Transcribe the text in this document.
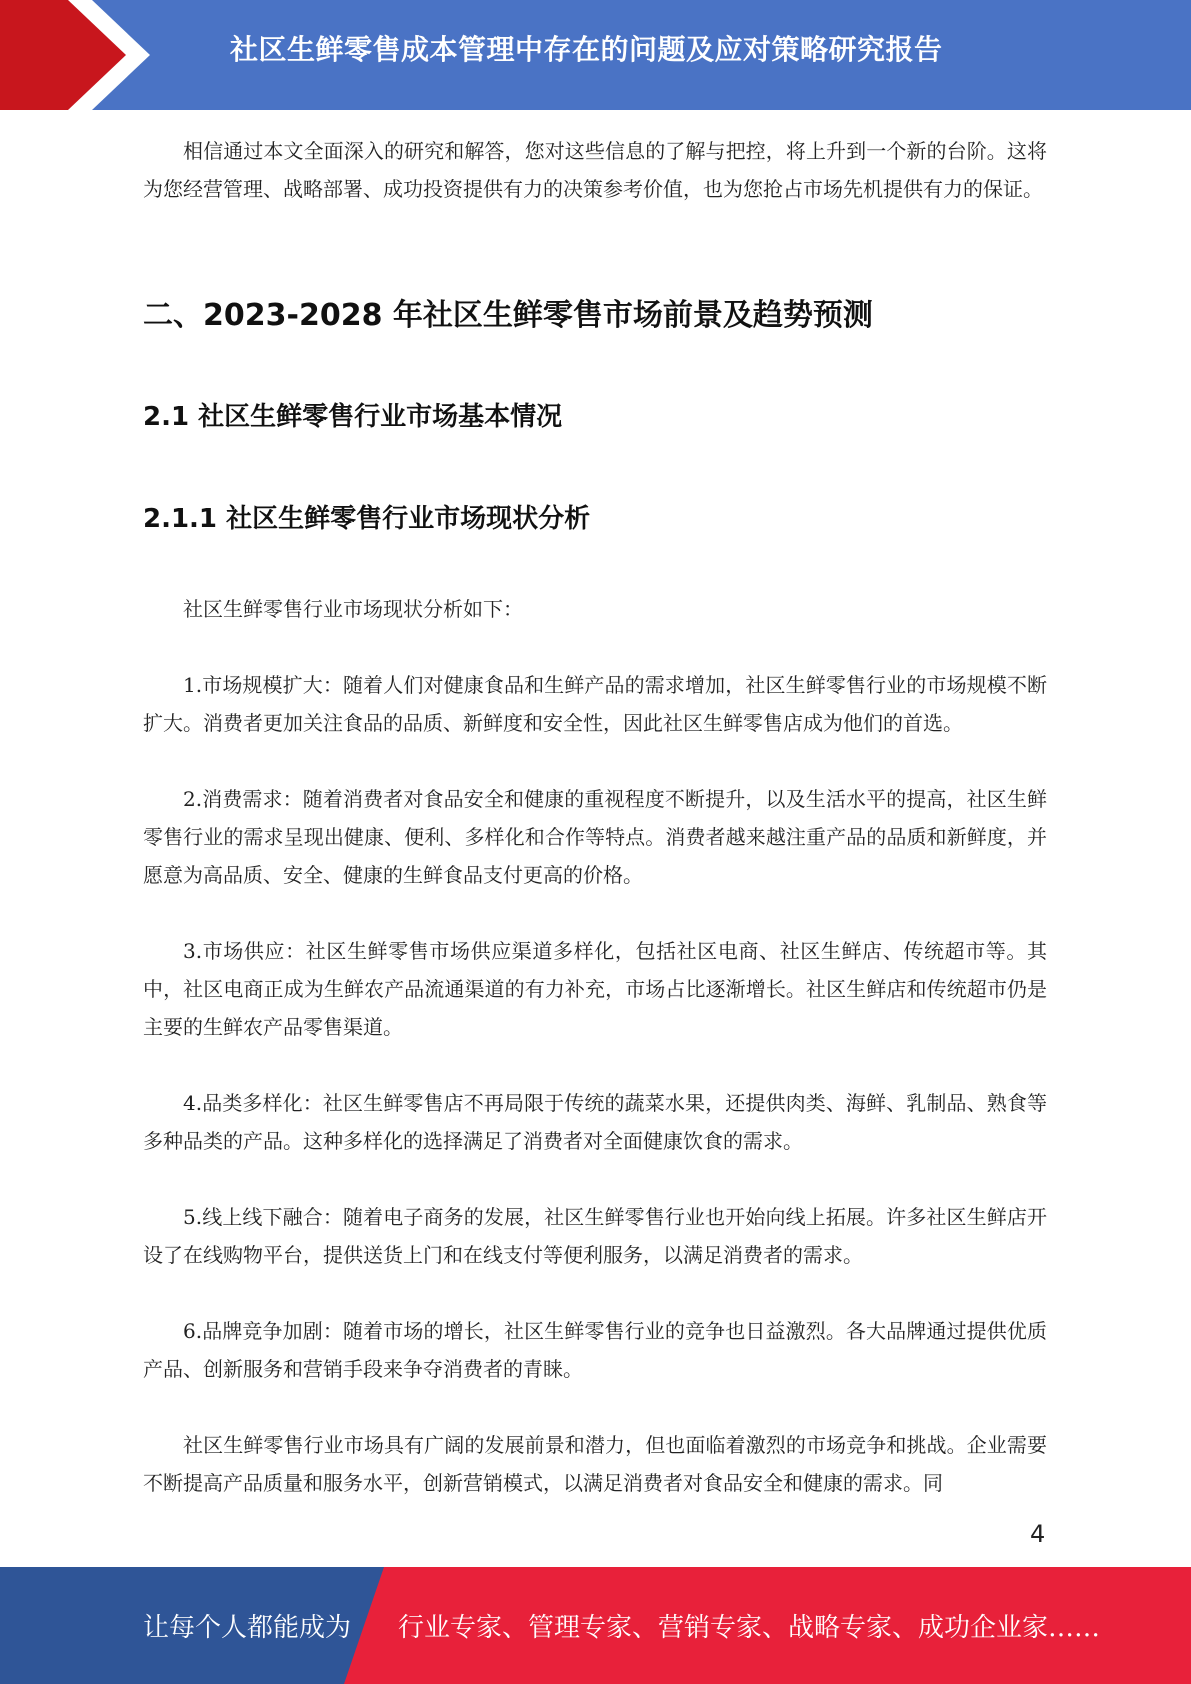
社区生鲜零售成本管理中存在的问题及应对策略研究报告

相信通过本文全面深入的研究和解答，您对这些信息的了解与把控，将上升到一个新的台阶。这将为您经营管理、战略部署、成功投资提供有力的决策参考价值，也为您抢占市场先机提供有力的保证。

二、2023-2028 年社区生鲜零售市场前景及趋势预测
2.1 社区生鲜零售行业市场基本情况
2.1.1 社区生鲜零售行业市场现状分析

社区生鲜零售行业市场现状分析如下：

1.市场规模扩大：随着人们对健康食品和生鲜产品的需求增加，社区生鲜零售行业的市场规模不断扩大。消费者更加关注食品的品质、新鲜度和安全性，因此社区生鲜零售店成为他们的首选。

2.消费需求：随着消费者对食品安全和健康的重视程度不断提升，以及生活水平的提高，社区生鲜零售行业的需求呈现出健康、便利、多样化和合作等特点。消费者越来越注重产品的品质和新鲜度，并愿意为高品质、安全、健康的生鲜食品支付更高的价格。

3.市场供应：社区生鲜零售市场供应渠道多样化，包括社区电商、社区生鲜店、传统超市等。其中，社区电商正成为生鲜农产品流通渠道的有力补充，市场占比逐渐增长。社区生鲜店和传统超市仍是主要的生鲜农产品零售渠道。

4.品类多样化：社区生鲜零售店不再局限于传统的蔬菜水果，还提供肉类、海鲜、乳制品、熟食等多种品类的产品。这种多样化的选择满足了消费者对全面健康饮食的需求。

5.线上线下融合：随着电子商务的发展，社区生鲜零售行业也开始向线上拓展。许多社区生鲜店开设了在线购物平台，提供送货上门和在线支付等便利服务，以满足消费者的需求。

6.品牌竞争加剧：随着市场的增长，社区生鲜零售行业的竞争也日益激烈。各大品牌通过提供优质产品、创新服务和营销手段来争夺消费者的青睐。

社区生鲜零售行业市场具有广阔的发展前景和潜力，但也面临着激烈的市场竞争和挑战。企业需要不断提高产品质量和服务水平，创新营销模式，以满足消费者对食品安全和健康的需求。同

4
让每个人都能成为 行业专家、管理专家、营销专家、战略专家、成功企业家……
